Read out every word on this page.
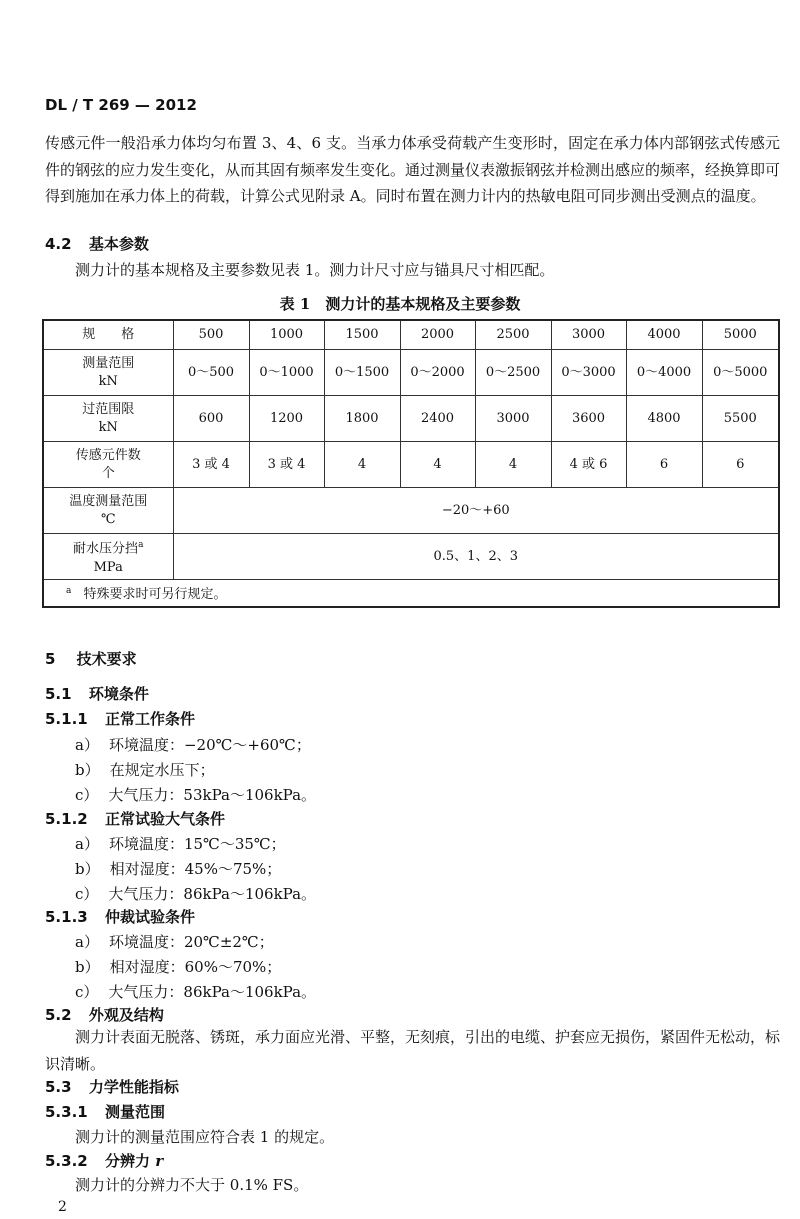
DL / T 269 — 2012
传感元件一般沿承力体均匀布置 3、4、6 支。当承力体承受荷载产生变形时，固定在承力体内部钢弦式传感元件的钢弦的应力发生变化，从而其固有频率发生变化。通过测量仪表激振钢弦并检测出感应的频率，经换算即可得到施加在承力体上的荷载，计算公式见附录 A。同时布置在测力计内的热敏电阻可同步测出受测点的温度。
4.2 基本参数
测力计的基本规格及主要参数见表 1。测力计尺寸应与锚具尺寸相匹配。
表 1　测力计的基本规格及主要参数
规　　格	500	1000	1500	2000	2500	3000	4000	5000

测量范围
kN	0～500	0～1000	0～1500	0～2000	0～2500	0～3000	0～4000	0～5000

过范围限
kN	600	1200	1800	2400	3000	3600	4800	5500

传感元件数
个	3 或 4	3 或 4	4	4	4	4 或 6	6	6

温度测量范围
℃	−20～+60							

耐水压分挡$^a$
MPa	0.5、1、2、3							
$^a$ 特殊要求时可另行规定。								
5 技术要求
5.1 环境条件
5.1.1 正常工作条件
a） 环境温度：−20℃～+60℃；
b） 在规定水压下；
c） 大气压力：53kPa～106kPa。
5.1.2 正常试验大气条件
a） 环境温度：15℃～35℃；
b） 相对湿度：45%～75%；
c） 大气压力：86kPa～106kPa。
5.1.3 仲裁试验条件
a） 环境温度：20℃±2℃；
b） 相对湿度：60%～70%；
c） 大气压力：86kPa～106kPa。
5.2 外观及结构
测力计表面无脱落、锈斑，承力面应光滑、平整，无刻痕，引出的电缆、护套应无损伤，紧固件无松动，标识清晰。
5.3 力学性能指标
5.3.1 测量范围
测力计的测量范围应符合表 1 的规定。
5.3.2 分辨力 r
测力计的分辨力不大于 0.1% FS。
2
